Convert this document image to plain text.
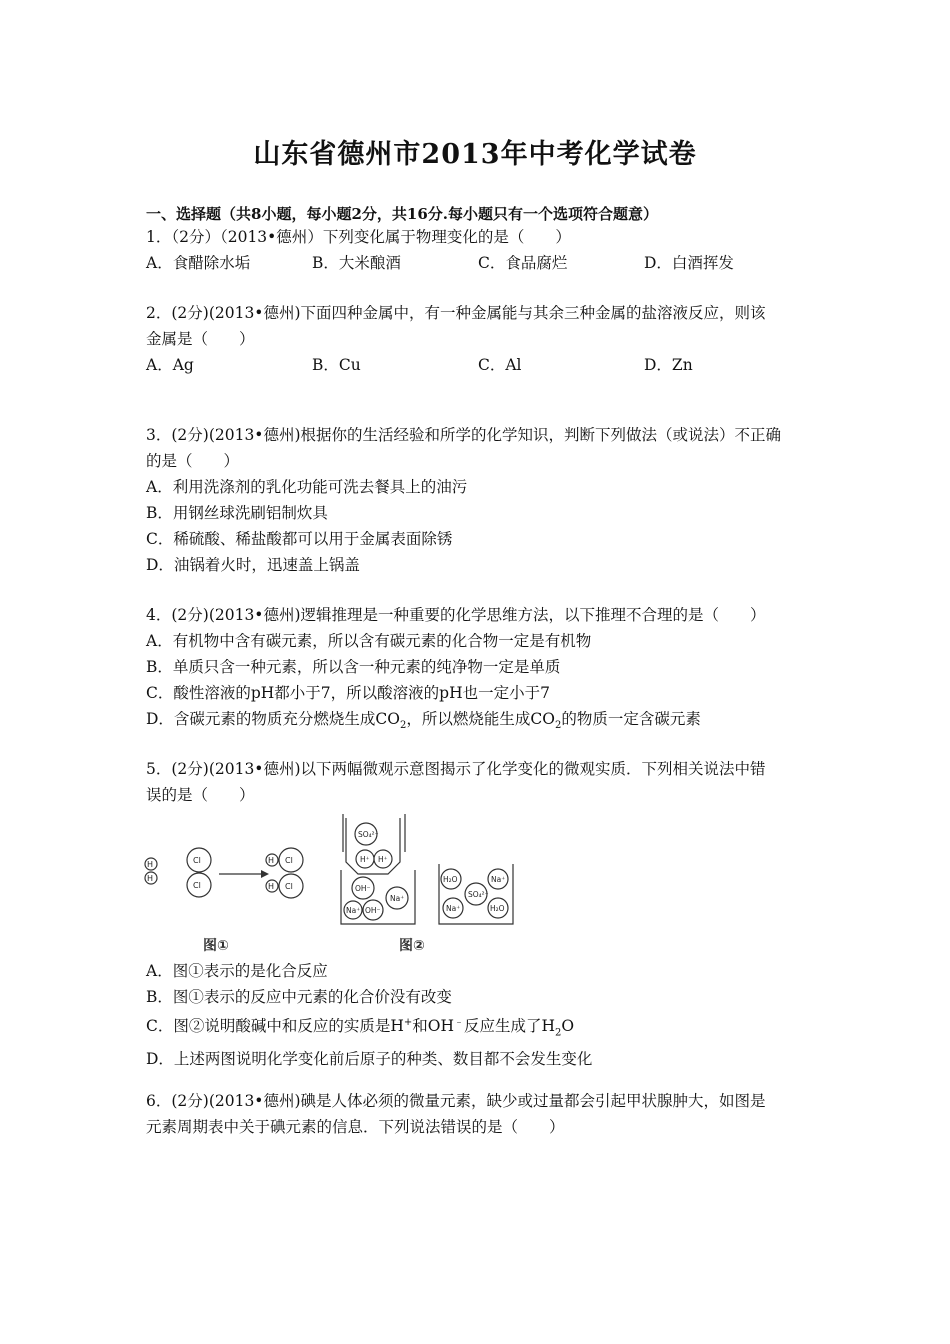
山东省德州市2013年中考化学试卷
一、选择题（共8小题，每小题2分，共16分.每小题只有一个选项符合题意）
1．（2分）（2013•德州）下列变化属于物理变化的是（　　）
A．食醋除水垢	B．大米酿酒	C．食品腐烂	D．白酒挥发
2．(2分)(2013•德州)下面四种金属中，有一种金属能与其余三种金属的盐溶液反应，则该
金属是（　　）
A．Ag	B．Cu	C．Al	D．Zn
3．(2分)(2013•德州)根据你的生活经验和所学的化学知识，判断下列做法（或说法）不正确
的是（　　）
A．利用洗涤剂的乳化功能可洗去餐具上的油污
B．用钢丝球洗刷铝制炊具
C．稀硫酸、稀盐酸都可以用于金属表面除锈
D．油锅着火时，迅速盖上锅盖
4．(2分)(2013•德州)逻辑推理是一种重要的化学思维方法，以下推理不合理的是（　　）
A．有机物中含有碳元素，所以含有碳元素的化合物一定是有机物
B．单质只含一种元素，所以含一种元素的纯净物一定是单质
C．酸性溶液的pH都小于7，所以酸溶液的pH也一定小于7
D．含碳元素的物质充分燃烧生成$CO_2$，所以燃烧能生成$CO_2$的物质一定含碳元素
5．(2分)(2013•德州)以下两幅微观示意图揭示了化学变化的微观实质．下列相关说法中错
误的是（　　）
H
H
Cl
Cl
H Cl
H Cl
SO₄²⁻
H⁺ H⁺
OH⁻
Na⁺
Na⁺ OH⁻
H₂O	Na⁺
SO₄²⁻
Na⁺	H₂O
图①	图②
A．图①表示的是化合反应
B．图①表示的反应中元素的化合价没有改变
C．图②说明酸碱中和反应的实质是H+和OH﹣反应生成了$H_2O$
D．上述两图说明化学变化前后原子的种类、数目都不会发生变化
6．(2分)(2013•德州)碘是人体必须的微量元素，缺少或过量都会引起甲状腺肿大，如图是
元素周期表中关于碘元素的信息．下列说法错误的是（　　）
